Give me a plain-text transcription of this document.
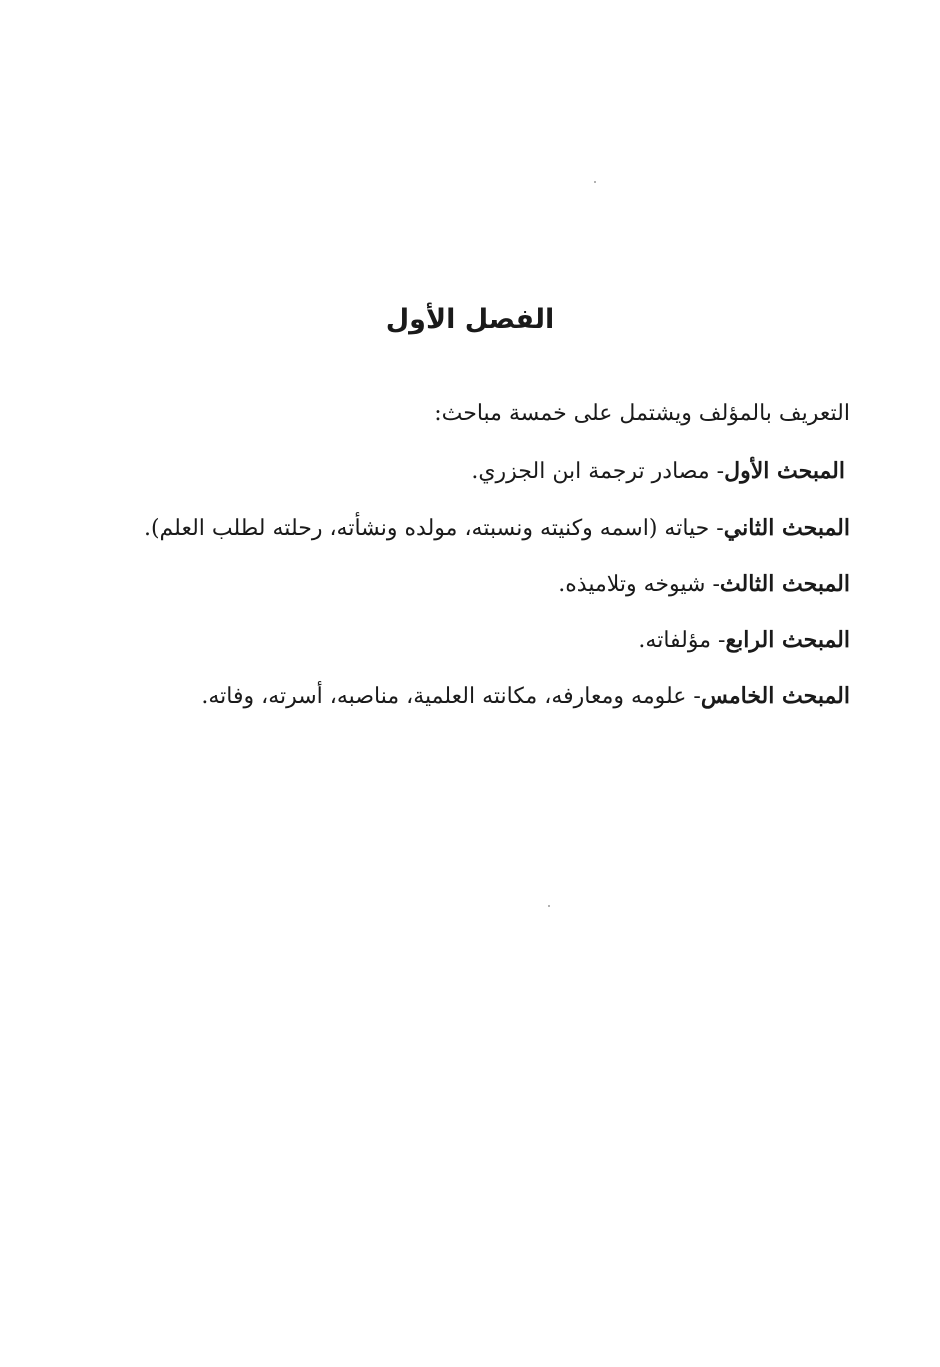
الفصل الأول

التعريف بالمؤلف ويشتمل على خمسة مباحث:

المبحث الأول- مصادر ترجمة ابن الجزري.

المبحث الثاني- حياته (اسمه وكنيته ونسبته، مولده ونشأته، رحلته لطلب العلم).

المبحث الثالث- شيوخه وتلاميذه.

المبحث الرابع- مؤلفاته.

المبحث الخامس- علومه ومعارفه، مكانته العلمية، مناصبه، أسرته، وفاته.
